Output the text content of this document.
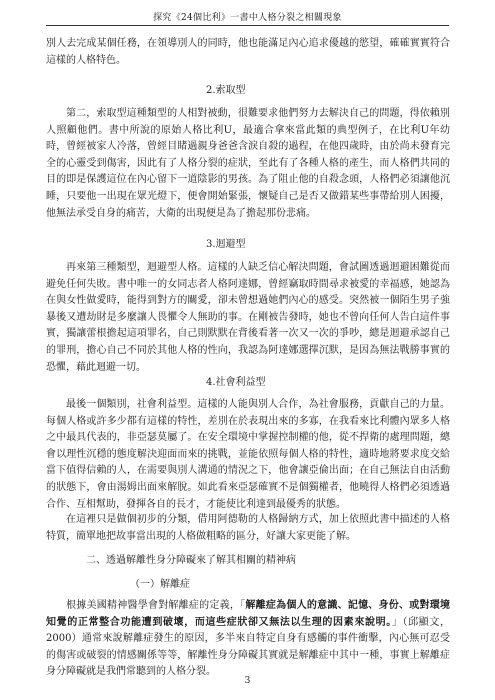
探究《24個比利》一書中人格分裂之相關現象
別人去完成某個任務，在領導別人的同時，他也能滿足內心追求優越的慾望，確確實實符合這樣的人格特色。
2.索取型
第二，索取型這種類型的人相對被動，很難要求他們努力去解決自己的問題，得依賴別人照顧他們。書中所說的原始人格比利U，最適合拿來當此類的典型例子，在比利U年幼時，曾經被家人冷落，曾經目睹過親身爸爸含淚自殺的過程，在他四歲時，由於尚未發育完全的心靈受到傷害，因此有了人格分裂的症狀，至此有了各種人格的產生，而人格們共同的目的即是保護這位在內心留下一道陰影的男孩。為了阻止他的自殺念頭，人格們必須讓他沉睡，只要他一出現在眾光燈下，便會開始緊張，懷疑自己是否又做錯某些事帶給別人困擾，他無法承受自身的痛苦，大衛的出現便是為了擔起那份悲痛。
3.迴避型
再來第三種類型，迴避型人格。這樣的人缺乏信心解決問題，會試圖透過迴避困難從而避免任何失敗。書中唯一的女同志者人格阿達娜，曾經竊取時間尋求被愛的幸福感，她認為在與女性做愛時，能得到對方的關愛，卻未曾想過她們內心的感受。突然被一個陌生男子強暴後又遭劫財是多麼讓人畏懼令人無助的事。在剛被告發時，她也不曾向任何人告白這件事實，獨讓蕾根擔起這項罪名，自己則默默在背後看著一次又一次的爭吵，總是迴避承認自己的罪刑，擔心自己不同於其他人格的性向，我認為阿達娜選擇沉默，是因為無法戰勝事實的恐懼，藉此迴避一切。
4.社會利益型
最後一個類別，社會利益型。這樣的人能與別人合作，為社會服務，貢獻自己的力量。每個人格或許多少都有這樣的特性，差別在於表現出來的多寡，在我看來比利體內眾多人格之中最具代表的，非亞瑟莫屬了。在安全環境中掌握控制權的他，從不捍衛的處理問題，總會以理性沉穩的態度解決迎面而來的挑戰，並能依照每個人格的特性，適時地將要求度交給當下值得信賴的人，在需要與別人溝通的情況之下，他會讓亞倫出面；在自己無法自由活動的狀態下，會由湯姆出面來解脫。如此看來亞瑟確實不是個獨權者，他曉得人格們必須透過合作、互相幫助，發揮各自的長才，才能使比利達到最優秀的狀態。
在這裡只是做個初步的分類，借用阿德勒的人格歸納方式，加上依照此書中描述的人格特質，簡單地把故事當出現的人格做粗略的區分，好讓大家更能了解。
二、透過解離性身分障礙來了解其相關的精神病
（一）解離症
根據美國精神醫學會對解離症的定義，「解離症為個人的意識、記憶、身份、或對環境知覺的正常整合功能遭到破壞，而這些症狀卻又無法以生理的因素來說明。」（邱顯文，2000）通常來說解離症發生的原因，多半來自特定自身有感觸的事件衝擊，內心無可忍受的傷害或破裂的情感關係等等，解離性身分障礙其實就是解離症中其中一種，事實上解離症身分障礙就是我們常聽到的人格分裂。
3
